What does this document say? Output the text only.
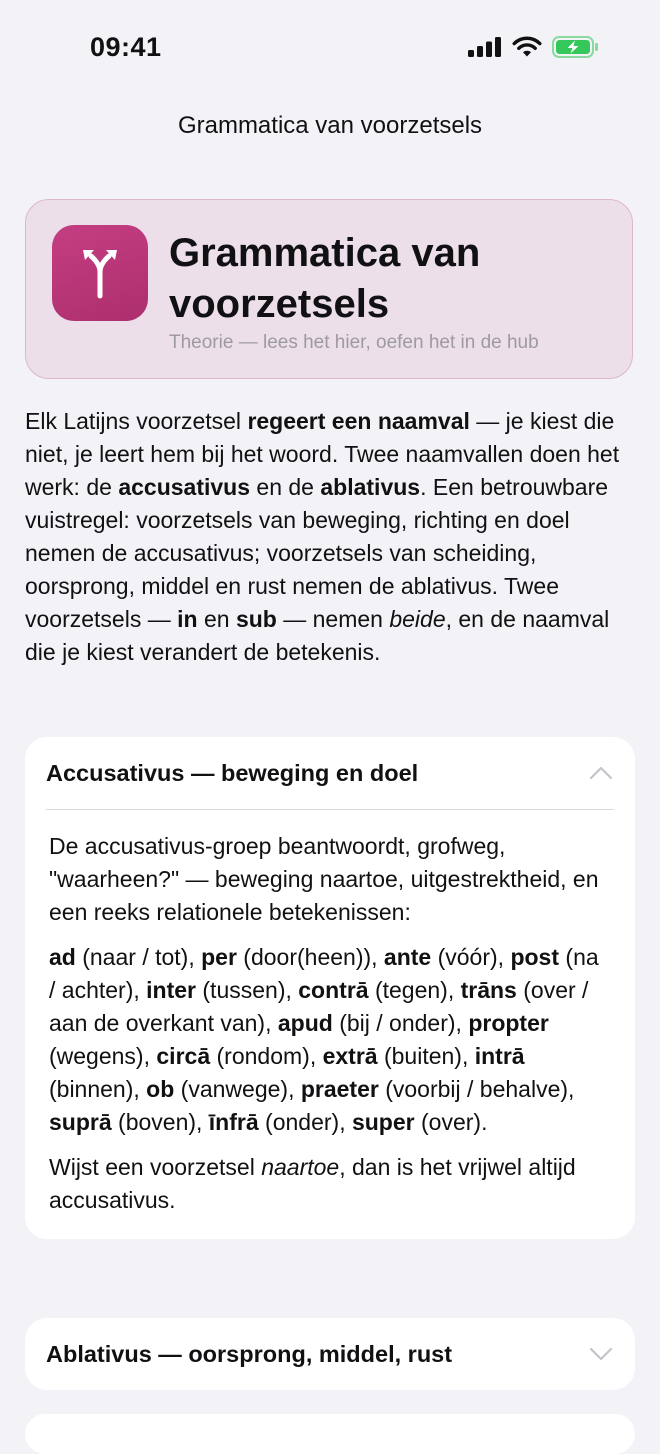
09:41
Grammatica van voorzetsels
Grammatica van voorzetsels
Theorie — lees het hier, oefen het in de hub
Elk Latijns voorzetsel regeert een naamval — je kiest die niet, je leert hem bij het woord. Twee naamvallen doen het werk: de accusativus en de ablativus. Een betrouwbare vuistregel: voorzetsels van beweging, richting en doel nemen de accusativus; voorzetsels van scheiding, oorsprong, middel en rust nemen de ablativus. Twee voorzetsels — in en sub — nemen beide, en de naamval die je kiest verandert de betekenis.
Accusativus — beweging en doel

De accusativus-groep beantwoordt, grofweg, "waarheen?" — beweging naartoe, uitgestrektheid, en een reeks relationele betekenissen:

ad (naar / tot), per (door(heen)), ante (vóór), post (na / achter), inter (tussen), contrā (tegen), trāns (over / aan de overkant van), apud (bij / onder), propter (wegens), circā (rondom), extrā (buiten), intrā (binnen), ob (vanwege), praeter (voorbij / behalve), suprā (boven), īnfrā (onder), super (over).

Wijst een voorzetsel naartoe, dan is het vrijwel altijd accusativus.

Ablativus — oorsprong, middel, rust
